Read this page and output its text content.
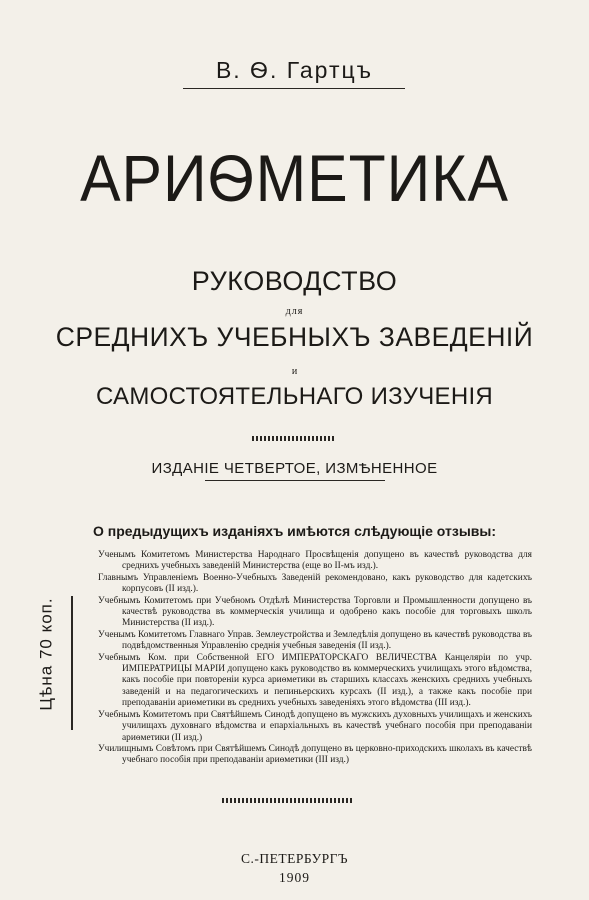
В. Ѳ. Гартцъ
АРИѲМЕТИКА
РУКОВОДСТВО
для
СРЕДНИХЪ УЧЕБНЫХЪ ЗАВЕДЕНІЙ
и
САМОСТОЯТЕЛЬНАГО ИЗУЧЕНІЯ
ИЗДАНІЕ ЧЕТВЕРТОЕ, ИЗМѢНЕННОЕ
О предыдущихъ изданіяхъ имѣются слѣдующіе отзывы:
Цѣна 70 коп.

Ученымъ Комитетомъ Министерства Народнаго Просвѣщенія допущено въ качествѣ руководства для среднихъ учебныхъ заведеній Министерства (еще во II-мъ изд.).

Главнымъ Управленіемъ Военно-Учебныхъ Заведеній рекомендовано, какъ руководство для кадетскихъ корпусовъ (II изд.).

Учебнымъ Комитетомъ при Учебномъ Отдѣлѣ Министерства Торговли и Промышленности допущено въ качествѣ руководства въ коммерческія училища и одобрено какъ пособіе для торговыхъ школъ Министерства (II изд.).

Ученымъ Комитетомъ Главнаго Управ. Землеустройства и Земледѣлія допущено въ качествѣ руководства въ подвѣдомственныя Управленію среднія учебныя заведенія (II изд.).

Учебнымъ Ком. при Собственной ЕГО ИМПЕРАТОРСКАГО ВЕЛИЧЕСТВА Канцеляріи по учр. ИМПЕРАТРИЦЫ МАРІИ допущено какъ руководство въ коммерческихъ училищахъ этого вѣдомства, какъ пособіе при повтореніи курса ариѳметики въ старшихъ классахъ женскихъ среднихъ учебныхъ заведеній и на педагогическихъ и пепиньерскихъ курсахъ (II изд.), а также какъ пособіе при преподаваніи ариѳметики въ среднихъ учебныхъ заведеніяхъ этого вѣдомства (III изд.).

Учебнымъ Комитетомъ при Святѣйшемъ Синодѣ допущено въ мужскихъ духовныхъ училищахъ и женскихъ училищахъ духовнаго вѣдомства и епархіальныхъ въ качествѣ учебнаго пособія при преподаваніи ариѳметики (II изд.)

Училищнымъ Совѣтомъ при Святѣйшемъ Синодѣ допущено въ церковно-приходскихъ школахъ въ качествѣ учебнаго пособія при преподаваніи ариѳметики (III изд.)

С.-ПЕТЕРБУРГЪ
1909
